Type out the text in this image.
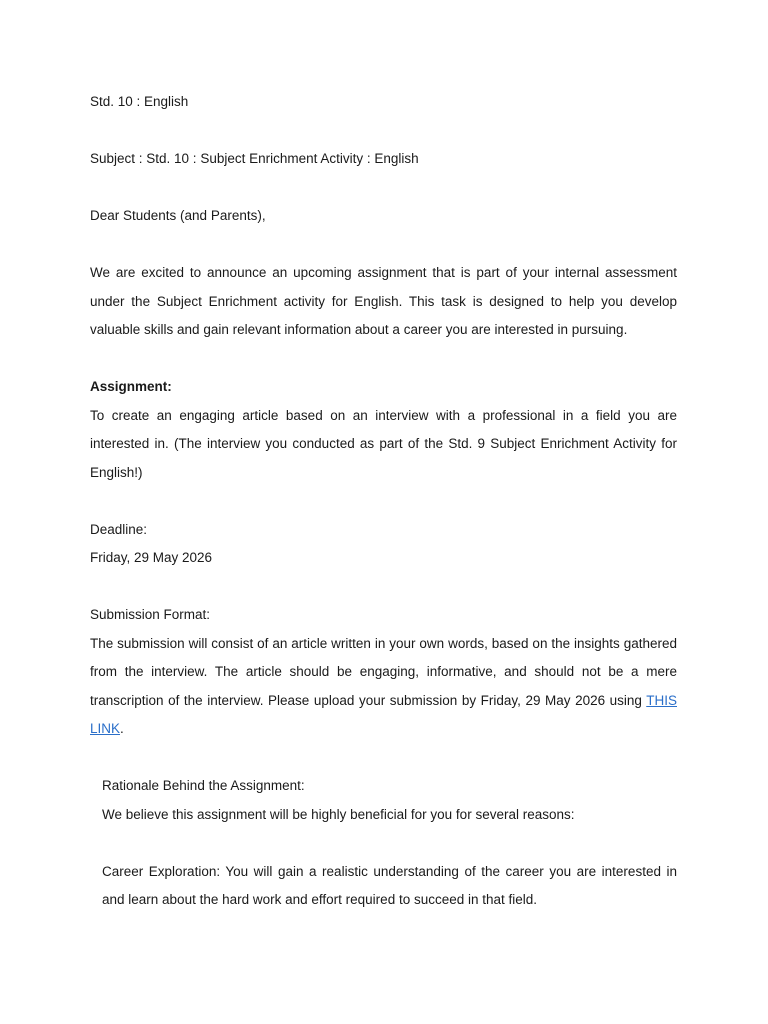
Std. 10 : English

Subject : Std. 10 : Subject Enrichment Activity : English

Dear Students (and Parents),

We are excited to announce an upcoming assignment that is part of your internal assessment under the Subject Enrichment activity for English. This task is designed to help you develop valuable skills and gain relevant information about a career you are interested in pursuing.

Assignment:

To create an engaging article based on an interview with a professional in a field you are interested in. (The interview you conducted as part of the Std. 9 Subject Enrichment Activity for English!)

Deadline:

Friday, 29 May 2026

Submission Format:

The submission will consist of an article written in your own words, based on the insights gathered from the interview. The article should be engaging, informative, and should not be a mere transcription of the interview. Please upload your submission by Friday, 29 May 2026 using THIS LINK.

Rationale Behind the Assignment:

We believe this assignment will be highly beneficial for you for several reasons:

Career Exploration: You will gain a realistic understanding of the career you are interested in and learn about the hard work and effort required to succeed in that field.
